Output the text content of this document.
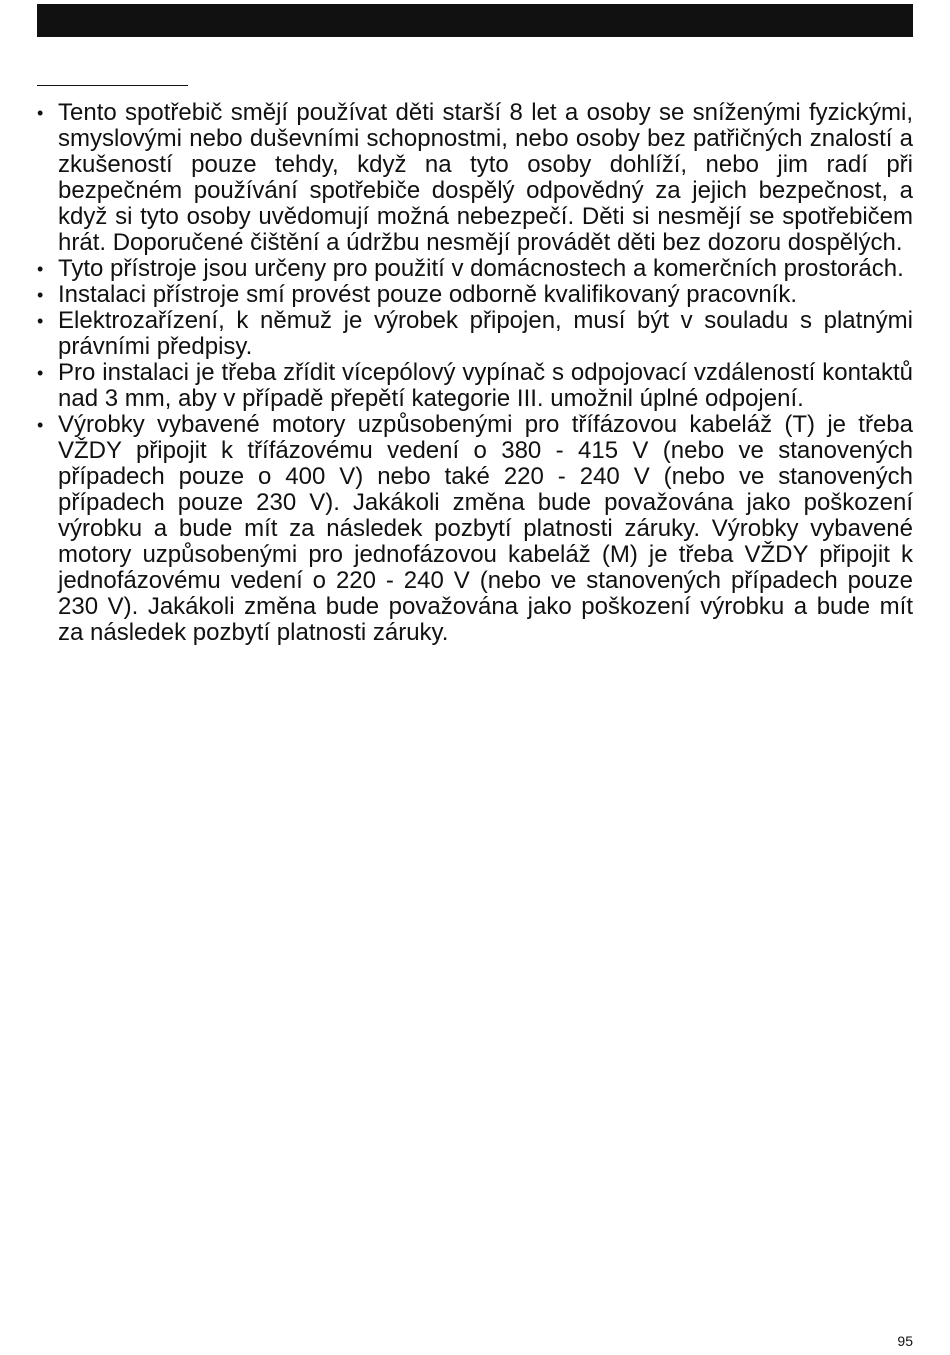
• Tento spotřebič smějí používat děti starší 8 let a osoby se sníženými fyzickými, smyslovými nebo duševními schopnostmi, nebo osoby bez patřičných znalostí a zkušeností pouze tehdy, když na tyto osoby dohlíží, nebo jim radí při bezpečném používání spotřebiče dospělý odpovědný za jejich bezpečnost, a když si tyto osoby uvědomují možná nebezpečí. Děti si nesmějí se spotřebičem hrát. Doporučené čištění a údržbu nesmějí provádět děti bez dozoru dospělých.
• Tyto přístroje jsou určeny pro použití v domácnostech a komerčních prostorách.
• Instalaci přístroje smí provést pouze odborně kvalifikovaný pracovník.
• Elektrozařízení, k němuž je výrobek připojen, musí být v souladu s platnými právními předpisy.
• Pro instalaci je třeba zřídit vícepólový vypínač s odpojovací vzdáleností kontaktů nad 3 mm, aby v případě přepětí kategorie III. umožnil úplné odpojení.
• Výrobky vybavené motory uzpůsobenými pro třífázovou kabeláž (T) je třeba VŽDY připojit k třífázovému vedení o 380 - 415 V (nebo ve stanovených případech pouze o 400 V) nebo také 220 - 240 V (nebo ve stanovených případech pouze 230 V). Jakákoli změna bude považována jako poškození výrobku a bude mít za následek pozbytí platnosti záruky. Výrobky vybavené motory uzpůsobenými pro jednofázovou kabeláž (M) je třeba VŽDY připojit k jednofázovému vedení o 220 - 240 V (nebo ve stanovených případech pouze 230 V). Jakákoli změna bude považována jako poškození výrobku a bude mít za následek pozbytí platnosti záruky.
95
